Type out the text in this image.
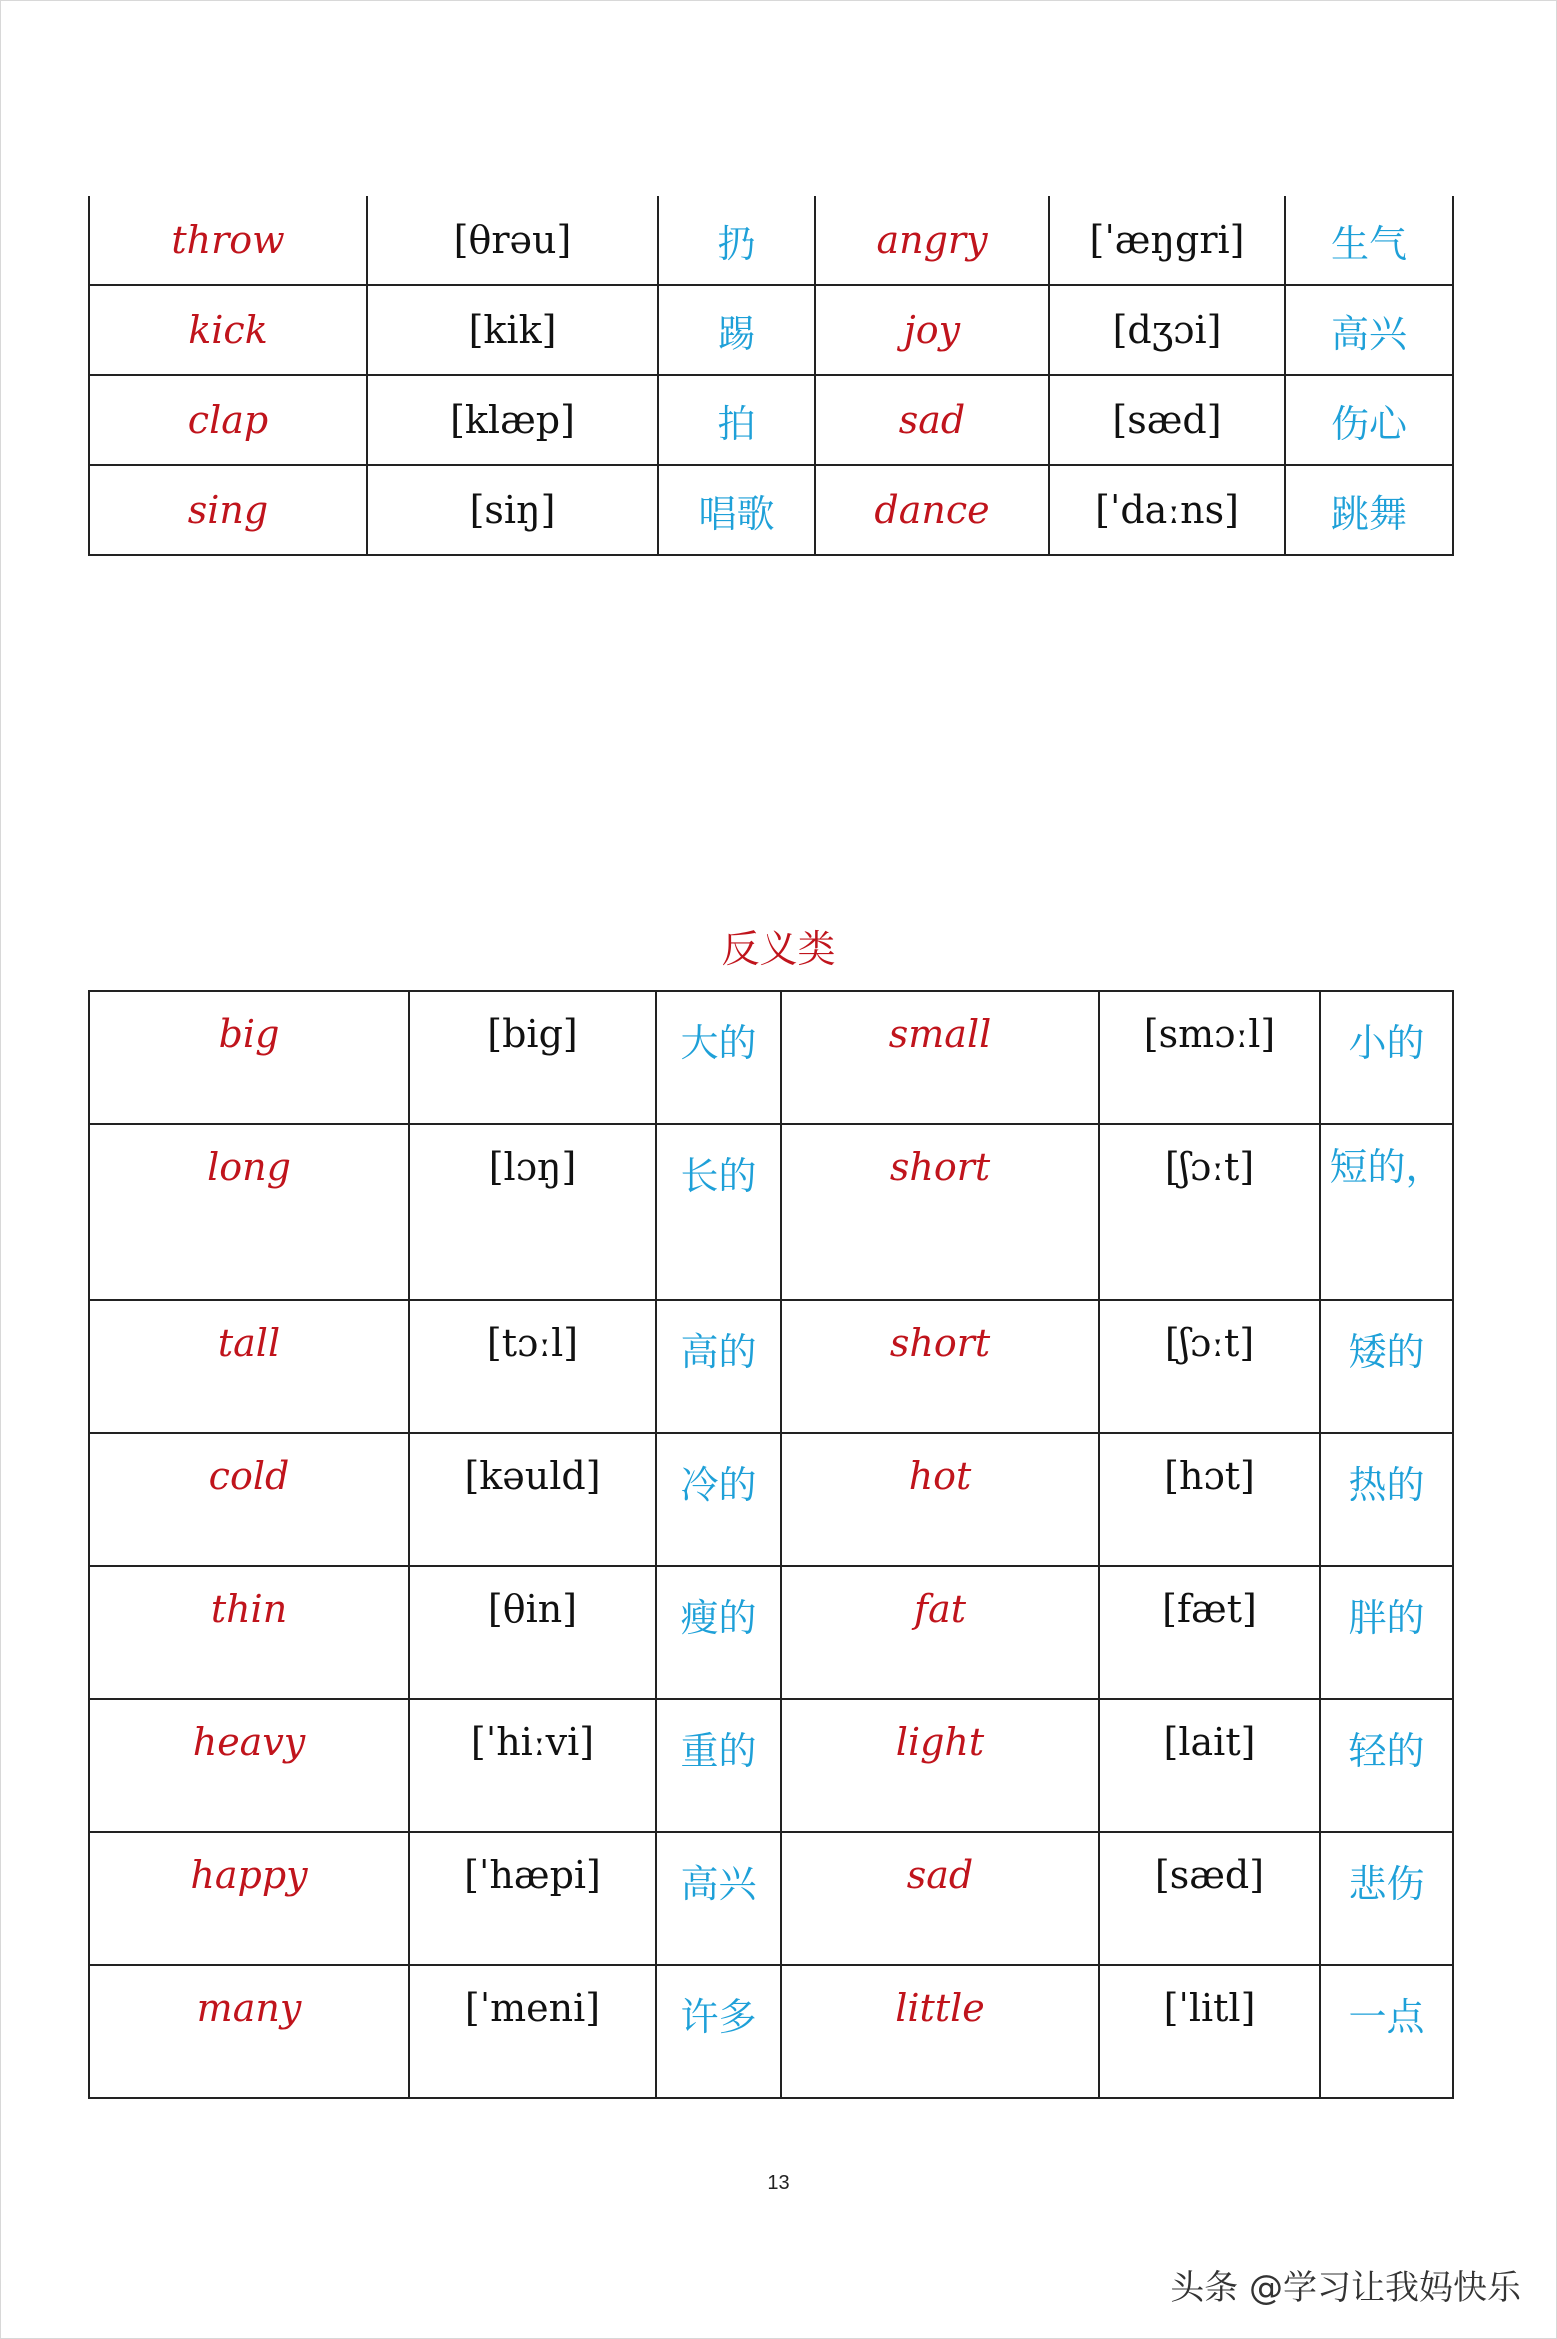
throw	[θrəu]	扔	angry	[ˈæŋgri]	生气
kick	[kik]	踢	joy	[dʒɔi]	高兴
clap	[klæp]	拍	sad	[sæd]	伤心
sing	[siŋ]	唱歌	dance	[ˈdaːns]	跳舞
反义类
big	[big]	大的	small	[smɔːl]	小的
long	[lɔŋ]	长的	short	[ʃɔːt]	短的，
tall	[tɔːl]	高的	short	[ʃɔːt]	矮的
cold	[kəuld]	冷的	hot	[hɔt]	热的
thin	[θin]	瘦的	fat	[fæt]	胖的
heavy	[ˈhiːvi]	重的	light	[lait]	轻的
happy	[ˈhæpi]	高兴	sad	[sæd]	悲伤
many	[ˈmeni]	许多	little	[ˈlitl]	一点
13
头条 @学习让我妈快乐
